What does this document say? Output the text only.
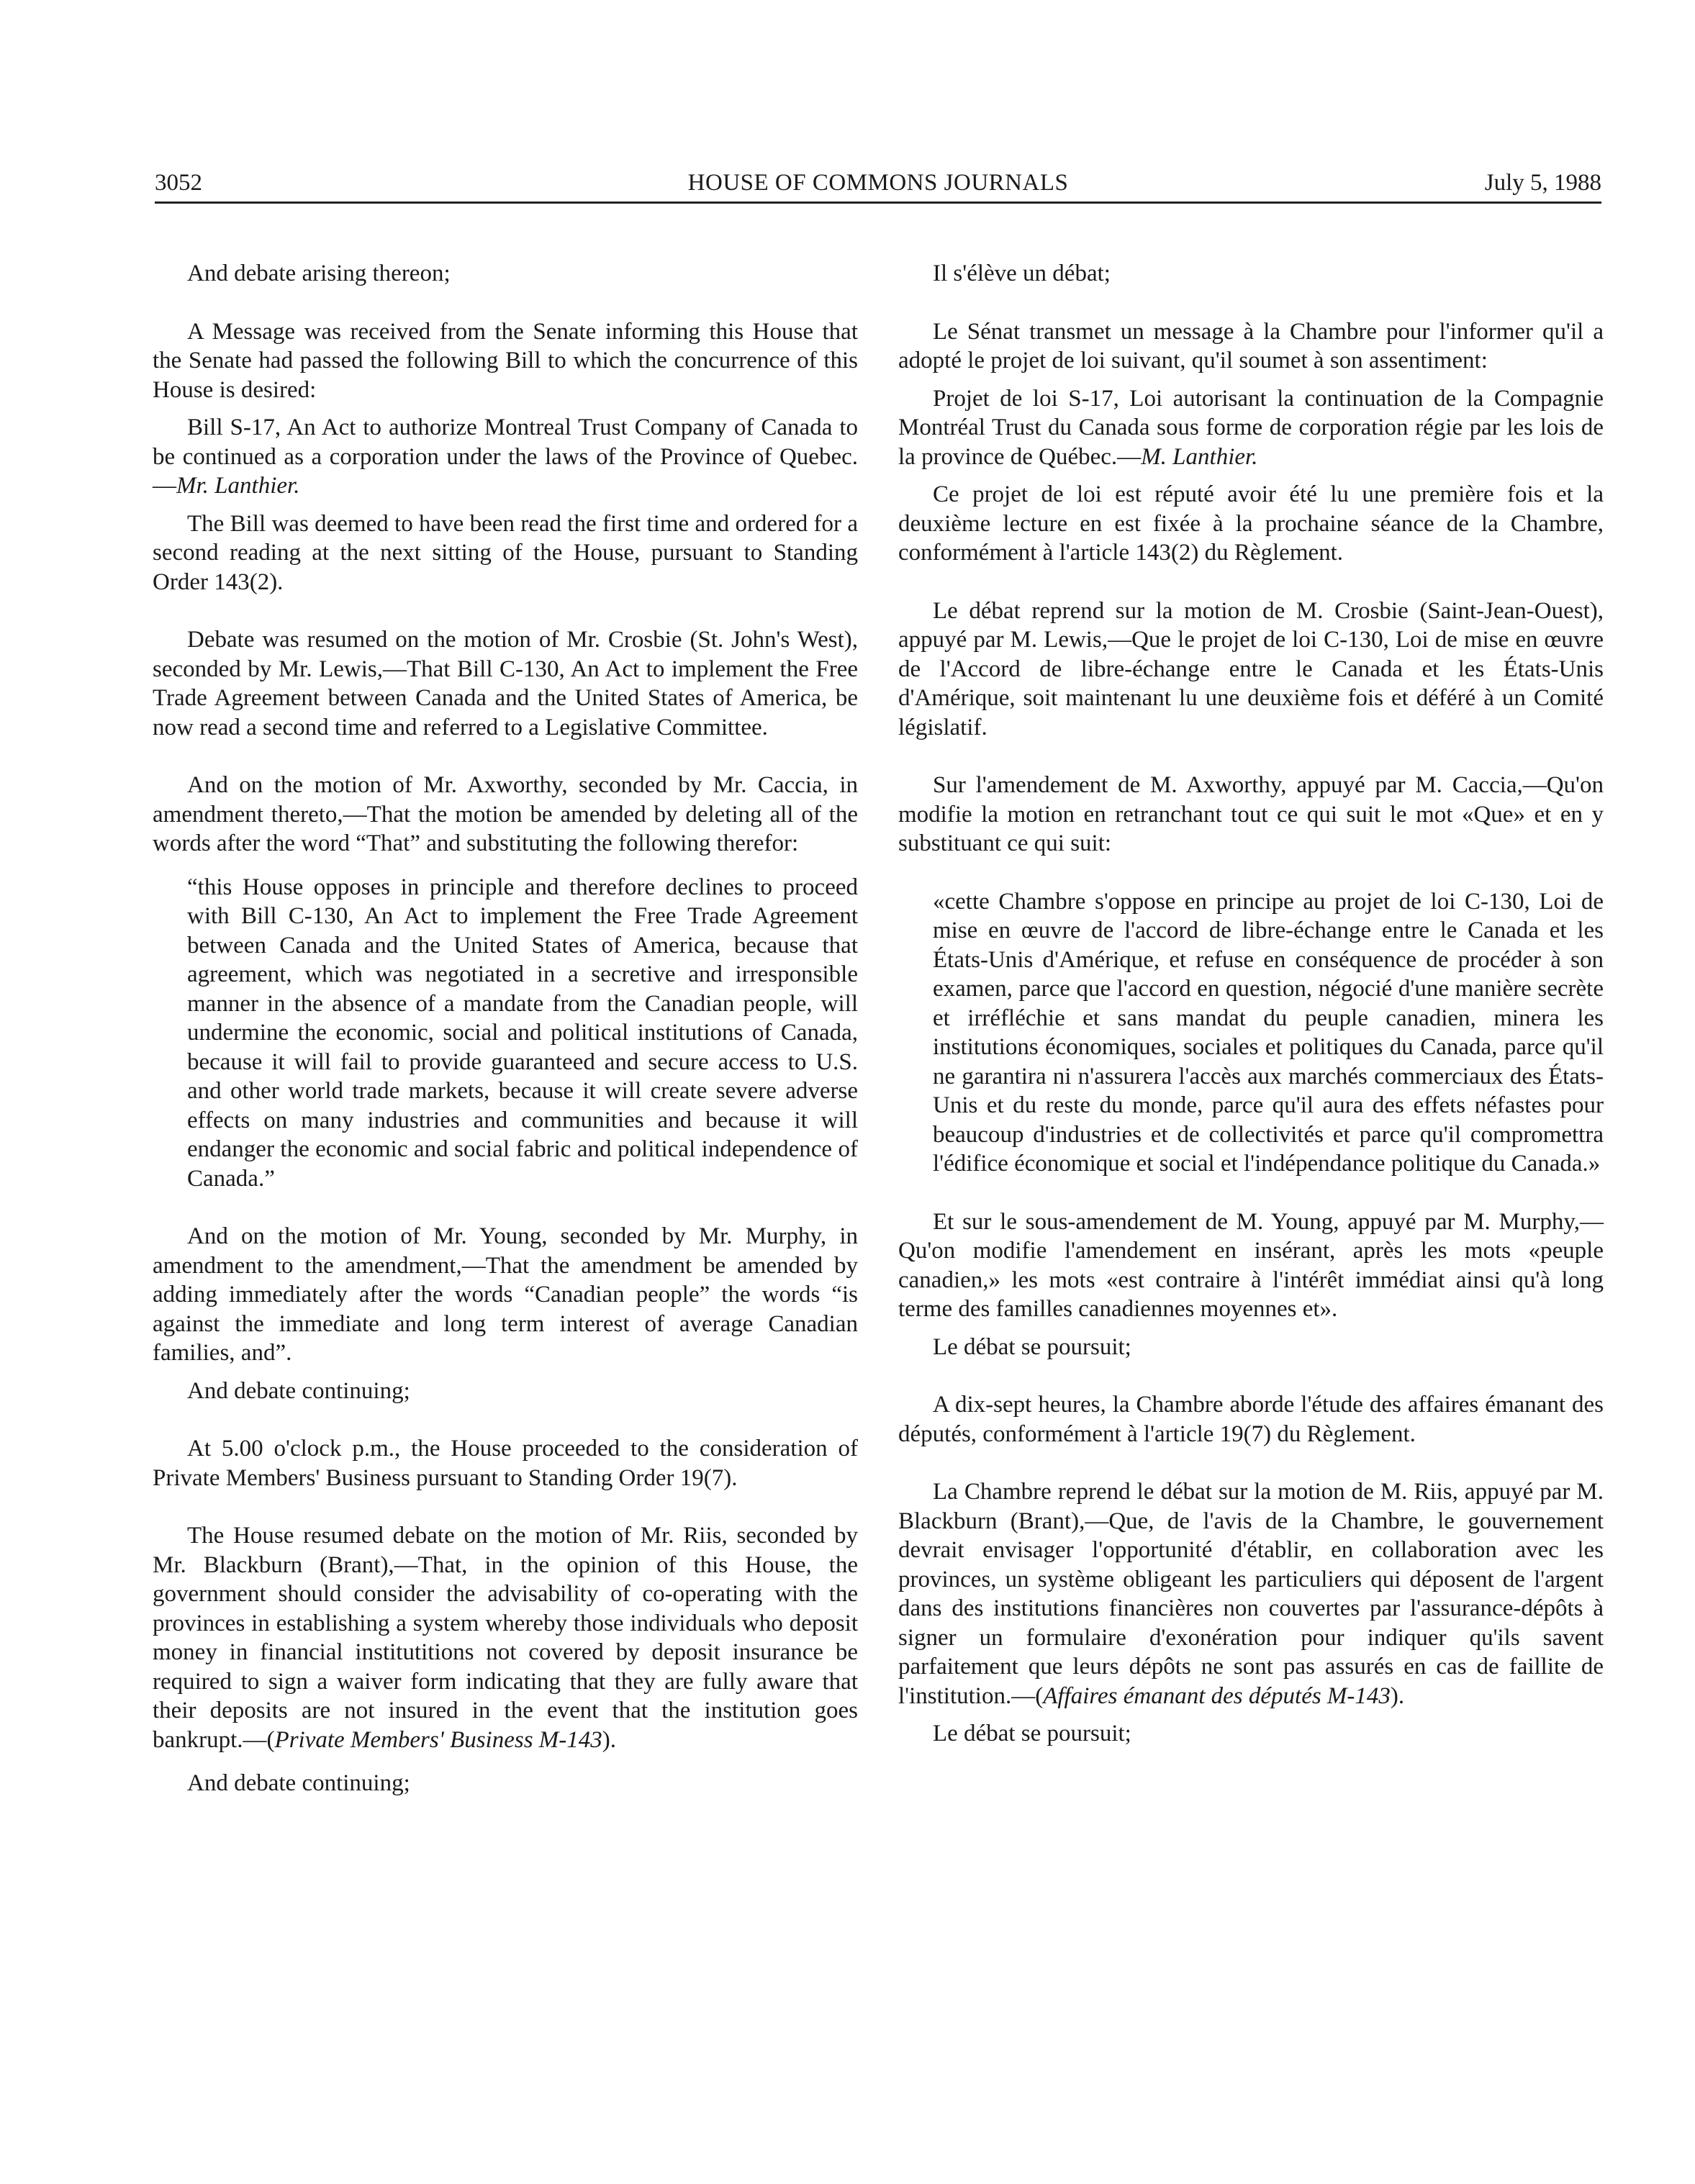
3052	HOUSE OF COMMONS JOURNALS	July 5, 1988

And debate arising thereon;

A Message was received from the Senate informing this House that the Senate had passed the following Bill to which the concurrence of this House is desired:

Bill S-17, An Act to authorize Montreal Trust Company of Canada to be continued as a corporation under the laws of the Province of Quebec.—Mr. Lanthier.

The Bill was deemed to have been read the first time and ordered for a second reading at the next sitting of the House, pursuant to Standing Order 143(2).

Debate was resumed on the motion of Mr. Crosbie (St. John's West), seconded by Mr. Lewis,—That Bill C-130, An Act to implement the Free Trade Agreement between Canada and the United States of America, be now read a second time and referred to a Legislative Committee.

And on the motion of Mr. Axworthy, seconded by Mr. Caccia, in amendment thereto,—That the motion be amended by deleting all of the words after the word “That” and substituting the following therefor:

“this House opposes in principle and therefore declines to proceed with Bill C-130, An Act to implement the Free Trade Agreement between Canada and the United States of America, because that agreement, which was negotiated in a secretive and irresponsible manner in the absence of a mandate from the Canadian people, will undermine the economic, social and political institutions of Canada, because it will fail to provide guaranteed and secure access to U.S. and other world trade markets, because it will create severe adverse effects on many industries and communities and because it will endanger the economic and social fabric and political independence of Canada.”

And on the motion of Mr. Young, seconded by Mr. Murphy, in amendment to the amendment,—That the amendment be amended by adding immediately after the words “Canadian people” the words “is against the immediate and long term interest of average Canadian families, and”.

And debate continuing;

At 5.00 o'clock p.m., the House proceeded to the consideration of Private Members' Business pursuant to Standing Order 19(7).

The House resumed debate on the motion of Mr. Riis, seconded by Mr. Blackburn (Brant),—That, in the opinion of this House, the government should consider the advisability of co-operating with the provinces in establishing a system whereby those individuals who deposit money in financial institutitions not covered by deposit insurance be required to sign a waiver form indicating that they are fully aware that their deposits are not insured in the event that the institution goes bankrupt.—(Private Members' Business M-143).

And debate continuing;

Il s'élève un débat;

Le Sénat transmet un message à la Chambre pour l'informer qu'il a adopté le projet de loi suivant, qu'il soumet à son assentiment:

Projet de loi S-17, Loi autorisant la continuation de la Compagnie Montréal Trust du Canada sous forme de corporation régie par les lois de la province de Québec.—M. Lanthier.

Ce projet de loi est réputé avoir été lu une première fois et la deuxième lecture en est fixée à la prochaine séance de la Chambre, conformément à l'article 143(2) du Règlement.

Le débat reprend sur la motion de M. Crosbie (Saint-Jean-Ouest), appuyé par M. Lewis,—Que le projet de loi C-130, Loi de mise en œuvre de l'Accord de libre-échange entre le Canada et les États-Unis d'Amérique, soit maintenant lu une deuxième fois et déféré à un Comité législatif.

Sur l'amendement de M. Axworthy, appuyé par M. Caccia,—Qu'on modifie la motion en retranchant tout ce qui suit le mot «Que» et en y substituant ce qui suit:

«cette Chambre s'oppose en principe au projet de loi C-130, Loi de mise en œuvre de l'accord de libre-échange entre le Canada et les États-Unis d'Amérique, et refuse en conséquence de procéder à son examen, parce que l'accord en question, négocié d'une manière secrète et irréfléchie et sans mandat du peuple canadien, minera les institutions économiques, sociales et politiques du Canada, parce qu'il ne garantira ni n'assurera l'accès aux marchés commerciaux des États-Unis et du reste du monde, parce qu'il aura des effets néfastes pour beaucoup d'industries et de collectivités et parce qu'il compromettra l'édifice économique et social et l'indépendance politique du Canada.»

Et sur le sous-amendement de M. Young, appuyé par M. Murphy,—Qu'on modifie l'amendement en insérant, après les mots «peuple canadien,» les mots «est contraire à l'intérêt immédiat ainsi qu'à long terme des familles canadiennes moyennes et».

Le débat se poursuit;

A dix-sept heures, la Chambre aborde l'étude des affaires émanant des députés, conformément à l'article 19(7) du Règlement.

La Chambre reprend le débat sur la motion de M. Riis, appuyé par M. Blackburn (Brant),—Que, de l'avis de la Chambre, le gouvernement devrait envisager l'opportunité d'établir, en collaboration avec les provinces, un système obligeant les particuliers qui déposent de l'argent dans des institutions financières non couvertes par l'assurance-dépôts à signer un formulaire d'exonération pour indiquer qu'ils savent parfaitement que leurs dépôts ne sont pas assurés en cas de faillite de l'institution.—(Affaires émanant des députés M-143).

Le débat se poursuit;
